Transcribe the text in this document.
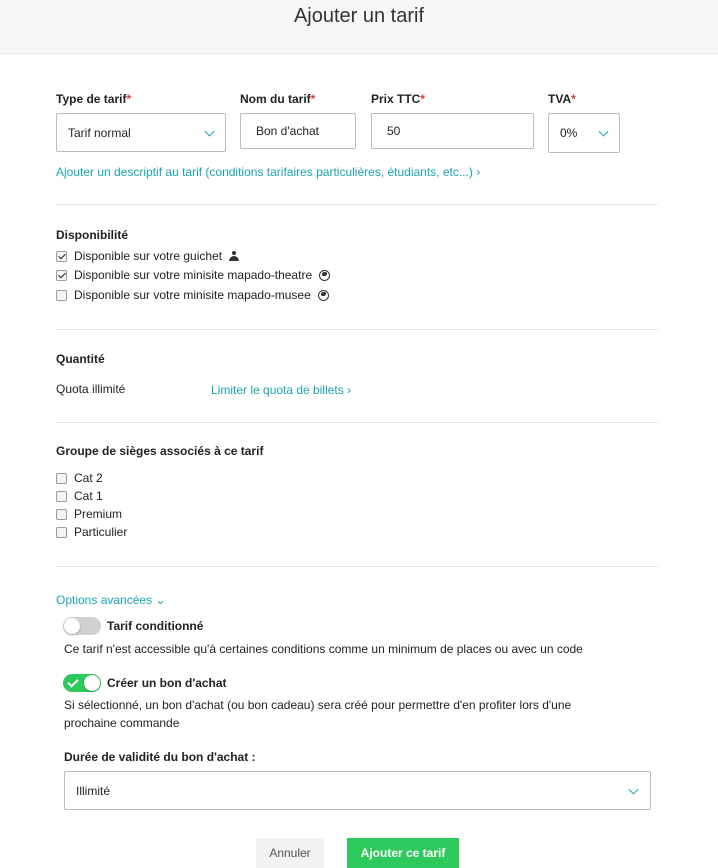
Ajouter un tarif
Type de tarif*
Tarif normal
Nom du tarif*
Bon d'achat
Prix TTC*
50
TVA*
0%
Ajouter un descriptif au tarif (conditions tarifaires particulières, étudiants, etc...) ›
Disponibilité
Disponible sur votre guichet
Disponible sur votre minisite mapado-theatre
Disponible sur votre minisite mapado-musee
Quantité
Quota illimité	Limiter le quota de billets ›
Groupe de sièges associés à ce tarif
Cat 2
Cat 1
Premium
Particulier
Options avancées ⌄
Tarif conditionné
Ce tarif n'est accessible qu'à certaines conditions comme un minimum de places ou avec un code
Créer un bon d'achat
Si sélectionné, un bon d'achat (ou bon cadeau) sera créé pour permettre d'en profiter lors d'une
prochaine commande
Durée de validité du bon d'achat :
Illimité
Annuler	Ajouter ce tarif
